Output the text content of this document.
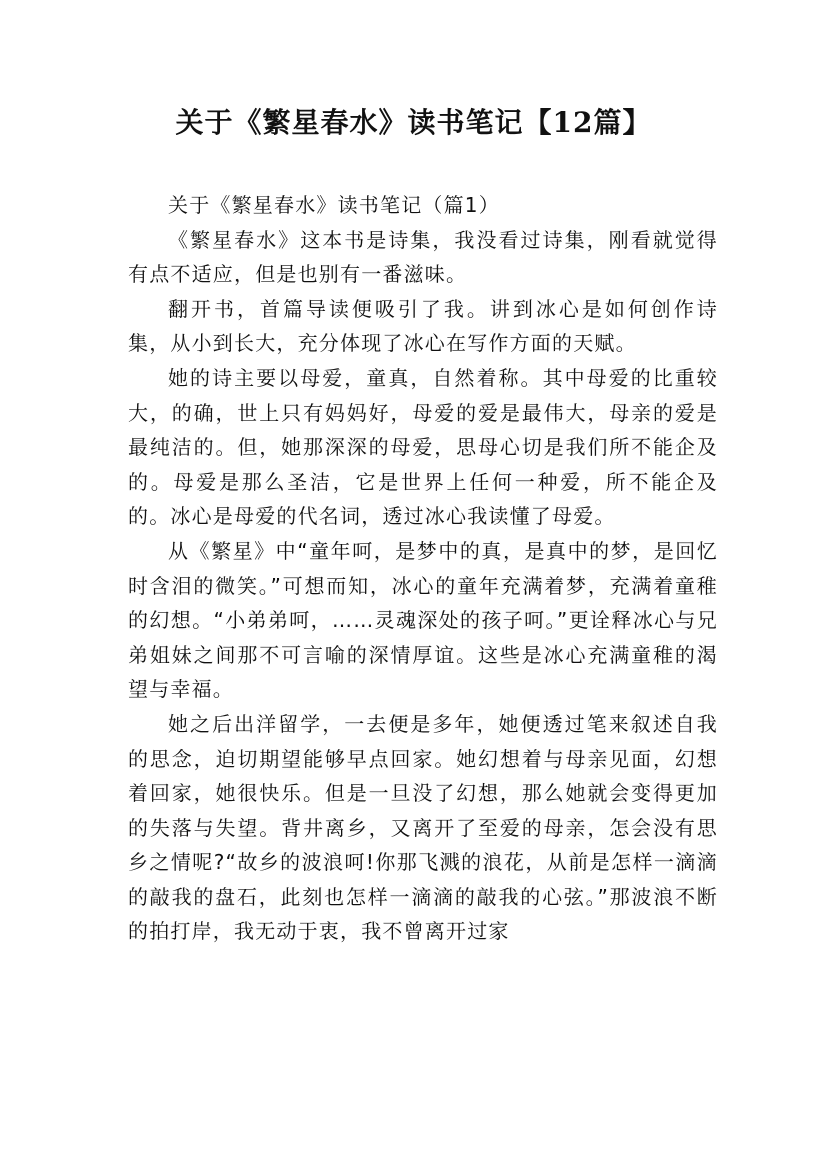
关于《繁星春水》读书笔记【12篇】

关于《繁星春水》读书笔记（篇1）

《繁星春水》这本书是诗集，我没看过诗集，刚看就觉得有点不适应，但是也别有一番滋味。

翻开书，首篇导读便吸引了我。讲到冰心是如何创作诗集，从小到长大，充分体现了冰心在写作方面的天赋。

她的诗主要以母爱，童真，自然着称。其中母爱的比重较大，的确，世上只有妈妈好，母爱的爱是最伟大，母亲的爱是最纯洁的。但，她那深深的母爱，思母心切是我们所不能企及的。母爱是那么圣洁，它是世界上任何一种爱，所不能企及的。冰心是母爱的代名词，透过冰心我读懂了母爱。

从《繁星》中“童年呵，是梦中的真，是真中的梦，是回忆时含泪的微笑。”可想而知，冰心的童年充满着梦，充满着童稚的幻想。“小弟弟呵，……灵魂深处的孩子呵。”更诠释冰心与兄弟姐妹之间那不可言喻的深情厚谊。这些是冰心充满童稚的渴望与幸福。

她之后出洋留学，一去便是多年，她便透过笔来叙述自我的思念，迫切期望能够早点回家。她幻想着与母亲见面，幻想着回家，她很快乐。但是一旦没了幻想，那么她就会变得更加的失落与失望。背井离乡，又离开了至爱的母亲，怎会没有思乡之情呢?“故乡的波浪呵!你那飞溅的浪花，从前是怎样一滴滴的敲我的盘石，此刻也怎样一滴滴的敲我的心弦。”那波浪不断的拍打岸，我无动于衷，我不曾离开过家
